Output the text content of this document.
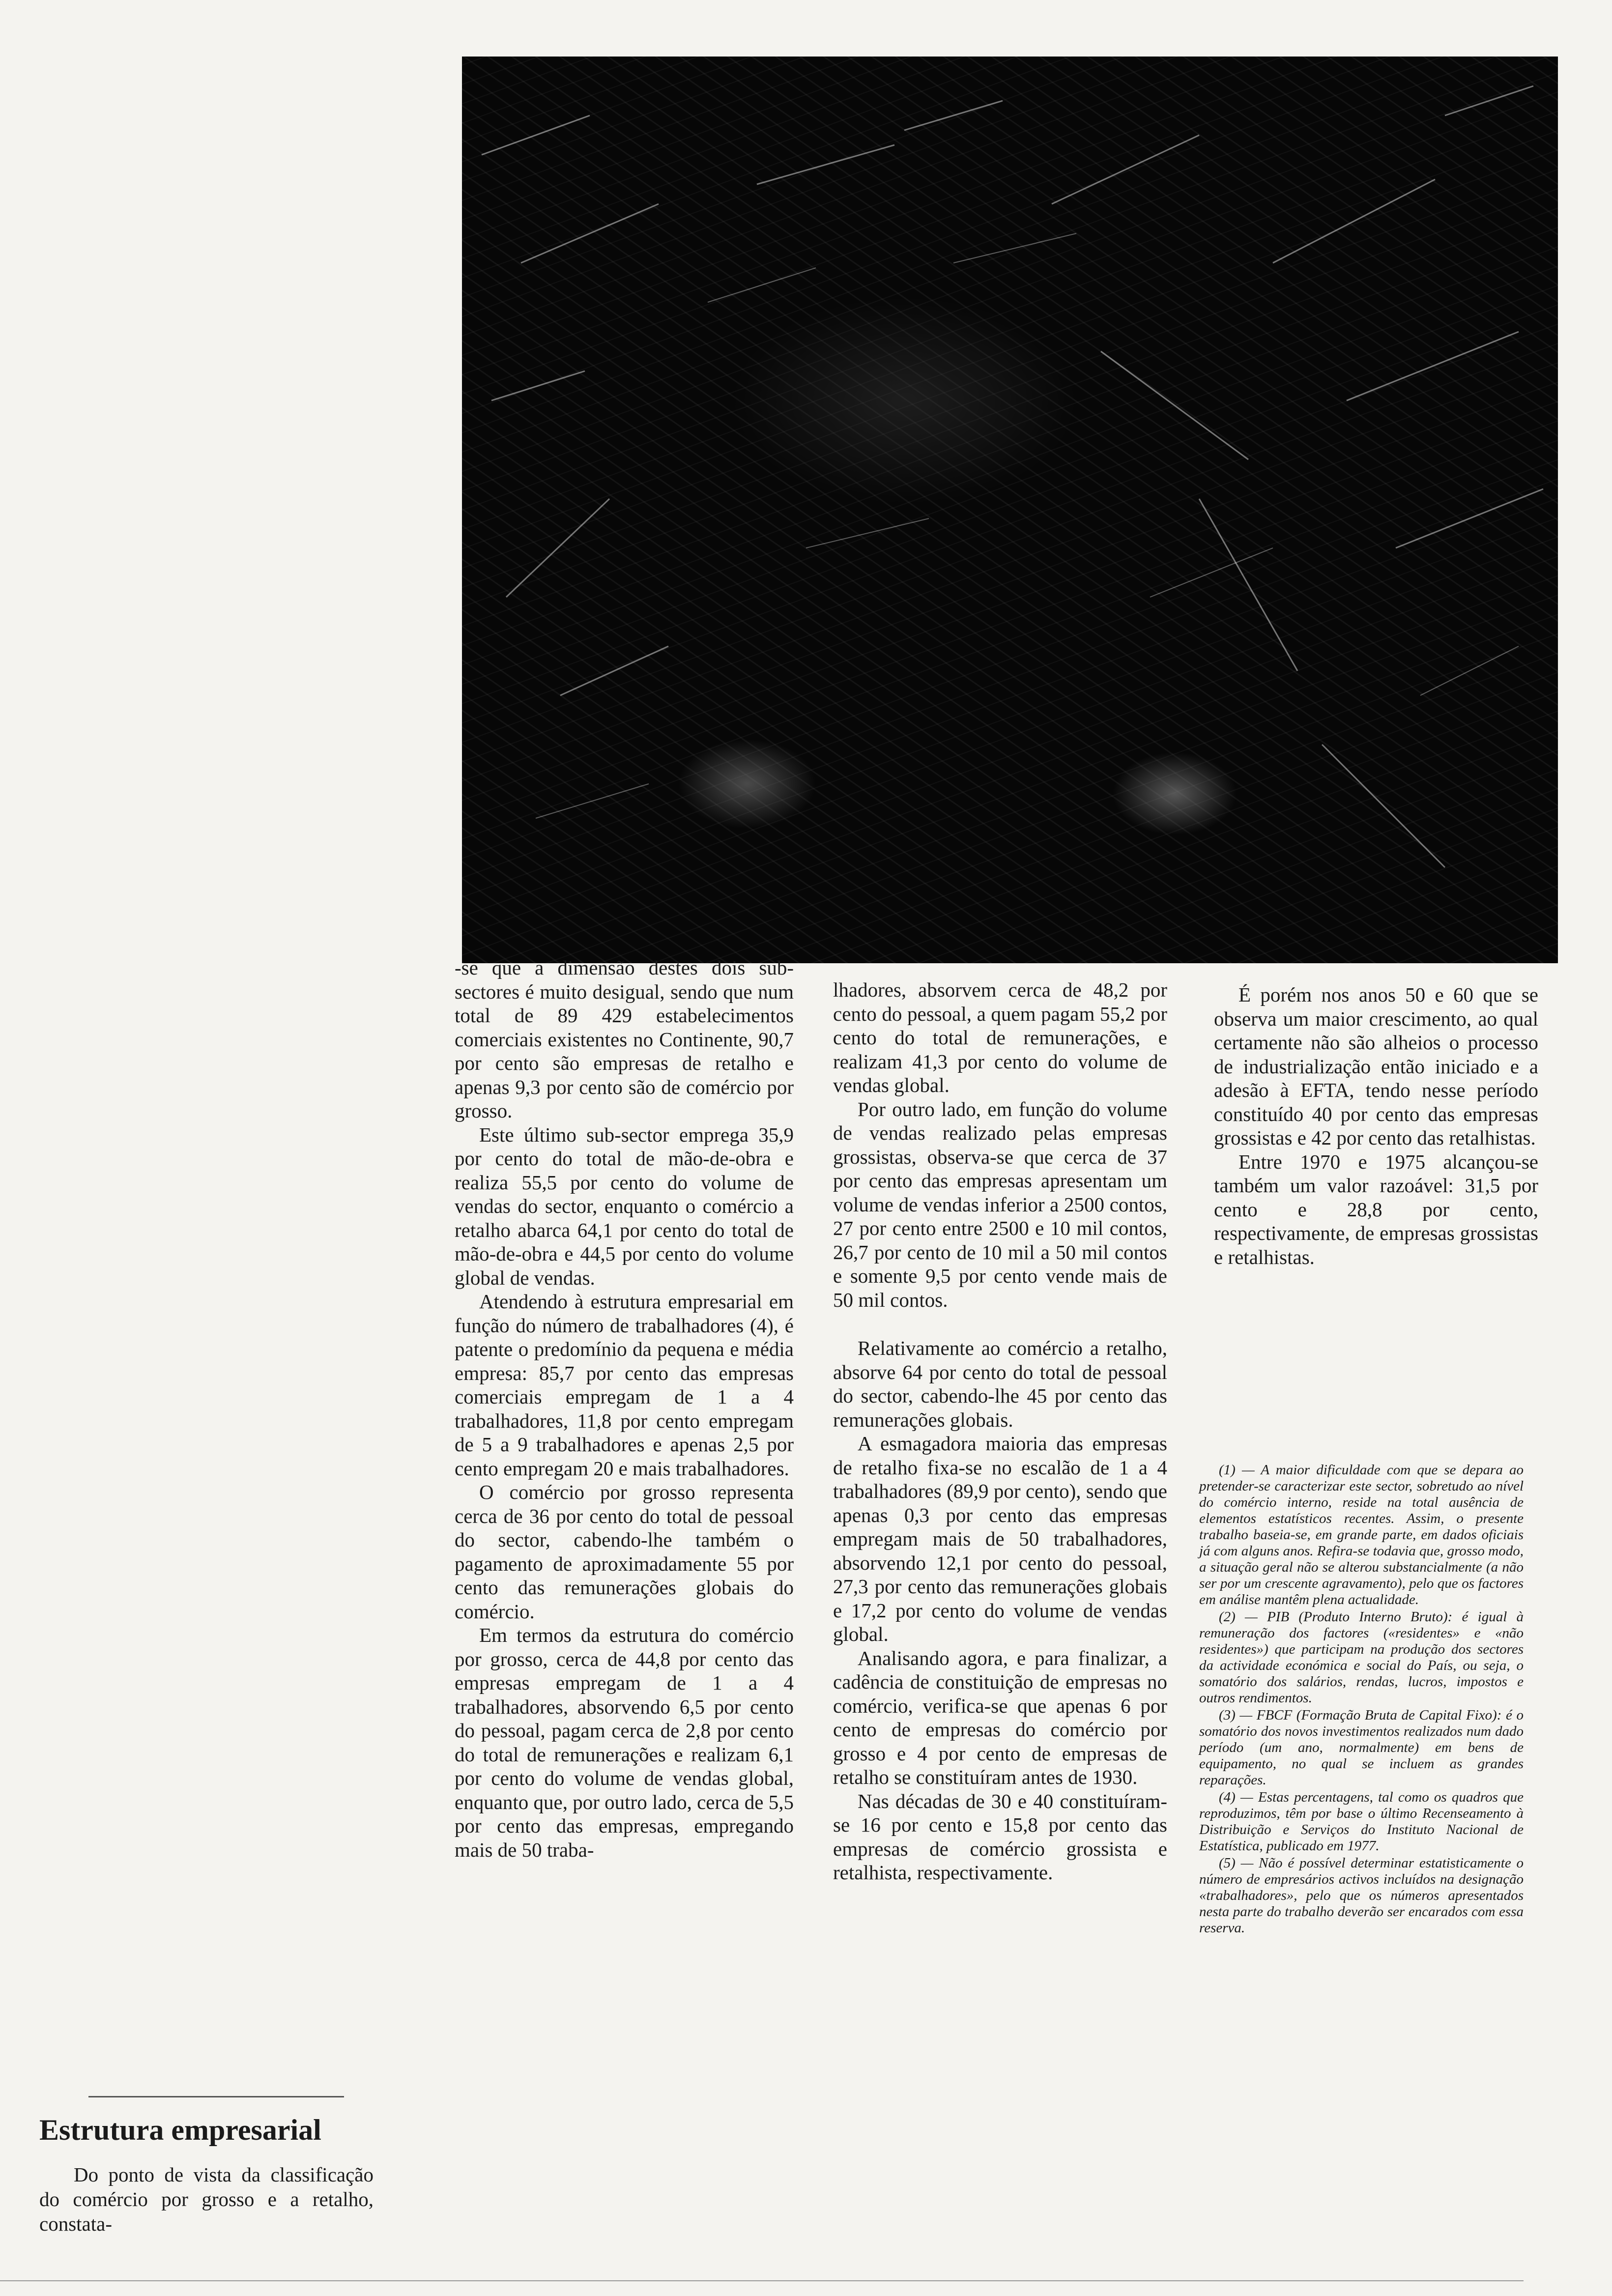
-se que a dimensão destes dois sub-sectores é muito desigual, sendo que num total de 89 429 estabelecimentos comerciais existentes no Continente, 90,7 por cento são empresas de retalho e apenas 9,3 por cento são de comércio por grosso.

Este último sub-sector emprega 35,9 por cento do total de mão-de-obra e realiza 55,5 por cento do volume de vendas do sector, enquanto o comércio a retalho abarca 64,1 por cento do total de mão-de-obra e 44,5 por cento do volume global de vendas.

Atendendo à estrutura empresarial em função do número de trabalhadores (4), é patente o predomínio da pequena e média empresa: 85,7 por cento das empresas comerciais empregam de 1 a 4 trabalhadores, 11,8 por cento empregam de 5 a 9 trabalhadores e apenas 2,5 por cento empregam 20 e mais trabalhadores.

O comércio por grosso representa cerca de 36 por cento do total de pessoal do sector, cabendo-lhe também o pagamento de aproximadamente 55 por cento das remunerações globais do comércio.

Em termos da estrutura do comércio por grosso, cerca de 44,8 por cento das empresas empregam de 1 a 4 trabalhadores, absorvendo 6,5 por cento do pessoal, pagam cerca de 2,8 por cento do total de remunerações e realizam 6,1 por cento do volume de vendas global, enquanto que, por outro lado, cerca de 5,5 por cento das empresas, empregando mais de 50 traba-

lhadores, absorvem cerca de 48,2 por cento do pessoal, a quem pagam 55,2 por cento do total de remunerações, e realizam 41,3 por cento do volume de vendas global.

Por outro lado, em função do volume de vendas realizado pelas empresas grossistas, observa-se que cerca de 37 por cento das empresas apresentam um volume de vendas inferior a 2500 contos, 27 por cento entre 2500 e 10 mil contos, 26,7 por cento de 10 mil a 50 mil contos e somente 9,5 por cento vende mais de 50 mil contos.

Relativamente ao comércio a retalho, absorve 64 por cento do total de pessoal do sector, cabendo-lhe 45 por cento das remunerações globais.

A esmagadora maioria das empresas de retalho fixa-se no escalão de 1 a 4 trabalhadores (89,9 por cento), sendo que apenas 0,3 por cento das empresas empregam mais de 50 trabalhadores, absorvendo 12,1 por cento do pessoal, 27,3 por cento das remunerações globais e 17,2 por cento do volume de vendas global.

Analisando agora, e para finalizar, a cadência de constituição de empresas no comércio, verifica-se que apenas 6 por cento de empresas do comércio por grosso e 4 por cento de empresas de retalho se constituíram antes de 1930.

Nas décadas de 30 e 40 constituíram-se 16 por cento e 15,8 por cento das empresas de comércio grossista e retalhista, respectivamente.

É porém nos anos 50 e 60 que se observa um maior crescimento, ao qual certamente não são alheios o processo de industrialização então iniciado e a adesão à EFTA, tendo nesse período constituído 40 por cento das empresas grossistas e 42 por cento das retalhistas.

Entre 1970 e 1975 alcançou-se também um valor razoável: 31,5 por cento e 28,8 por cento, respectivamente, de empresas grossistas e retalhistas.

(1) — A maior dificuldade com que se depara ao pretender-se caracterizar este sector, sobretudo ao nível do comércio interno, reside na total ausência de elementos estatísticos recentes. Assim, o presente trabalho baseia-se, em grande parte, em dados oficiais já com alguns anos. Refira-se todavia que, grosso modo, a situação geral não se alterou substancialmente (a não ser por um crescente agravamento), pelo que os factores em análise mantêm plena actualidade.

(2) — PIB (Produto Interno Bruto): é igual à remuneração dos factores («residentes» e «não residentes») que participam na produção dos sectores da actividade económica e social do País, ou seja, o somatório dos salários, rendas, lucros, impostos e outros rendimentos.

(3) — FBCF (Formação Bruta de Capital Fixo): é o somatório dos novos investimentos realizados num dado período (um ano, normalmente) em bens de equipamento, no qual se incluem as grandes reparações.

(4) — Estas percentagens, tal como os quadros que reproduzimos, têm por base o último Recenseamento à Distribuição e Serviços do Instituto Nacional de Estatística, publicado em 1977.

(5) — Não é possível determinar estatisticamente o número de empresários activos incluídos na designação «trabalhadores», pelo que os números apresentados nesta parte do trabalho deverão ser encarados com essa reserva.

Estrutura empresarial

Do ponto de vista da classificação do comércio por grosso e a retalho, constata-
